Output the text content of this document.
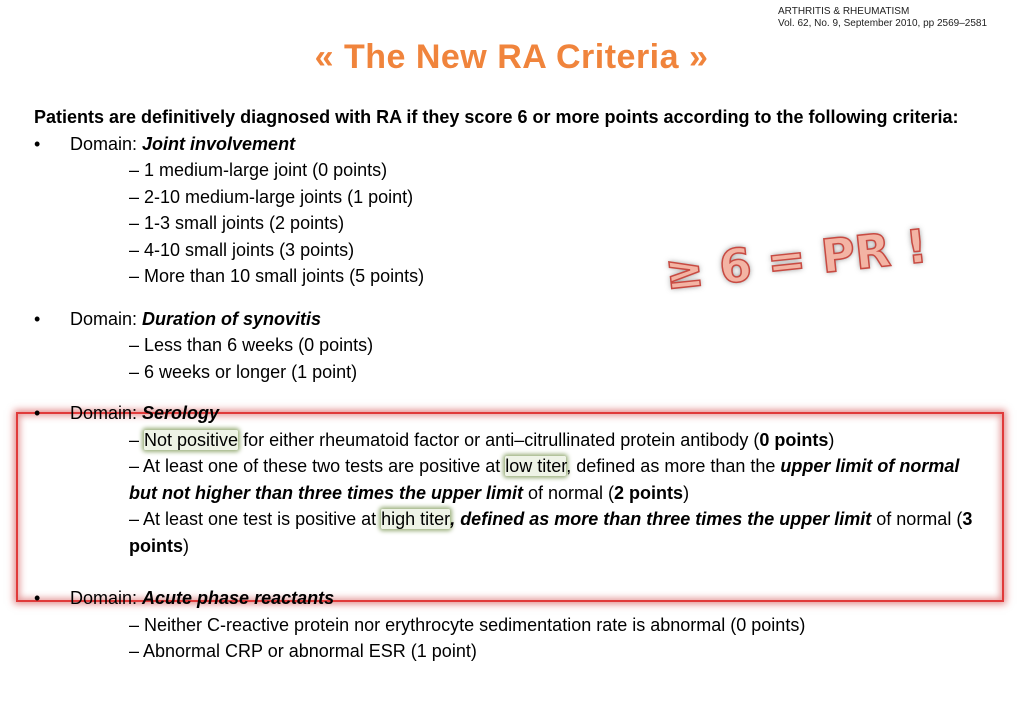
ARTHRITIS & RHEUMATISM
Vol. 62, No. 9, September 2010, pp 2569–2581
« The New RA Criteria »
≥ 6 = PR !
Patients are definitively diagnosed with RA if they score 6 or more points according to the following criteria:
• Domain: Joint involvement
– 1 medium-large joint (0 points)
– 2-10 medium-large joints (1 point)
– 1-3 small joints (2 points)
– 4-10 small joints (3 points)
– More than 10 small joints (5 points)
• Domain: Duration of synovitis
– Less than 6 weeks (0 points)
– 6 weeks or longer (1 point)
• Domain: Serology
– Not positive for either rheumatoid factor or anti–citrullinated protein antibody (0 points)
– At least one of these two tests are positive at low titer, defined as more than the upper limit of normal but not higher than three times the upper limit of normal (2 points)
– At least one test is positive at high titer, defined as more than three times the upper limit of normal (3 points)
• Domain: Acute phase reactants
– Neither C-reactive protein nor erythrocyte sedimentation rate is abnormal (0 points)
– Abnormal CRP or abnormal ESR (1 point)
